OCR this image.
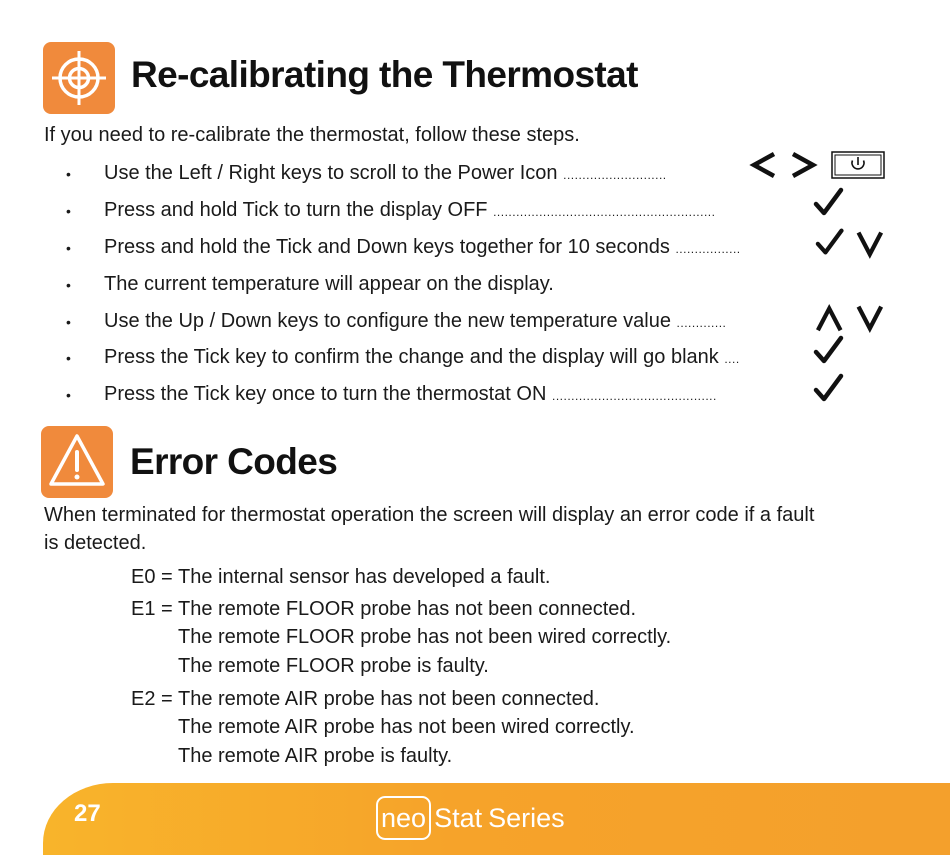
Re-calibrating the Thermostat
If you need to re-calibrate the thermostat, follow these steps.
• Use the Left / Right keys to scroll to the Power Icon ...........................
• Press and hold Tick to turn the display OFF ..........................................................
• Press and hold the Tick and Down keys together for 10 seconds .................
• The current temperature will appear on the display.
• Use the Up / Down keys to configure the new temperature value .............
• Press the Tick key to confirm the change and the display will go blank ....
• Press the Tick key once to turn the thermostat ON ...........................................
Error Codes
When terminated for thermostat operation the screen will display an error code if a fault
is detected.
E0 = The internal sensor has developed a fault.
E1 = The remote FLOOR probe has not been connected.
The remote FLOOR probe has not been wired correctly.
The remote FLOOR probe is faulty.
E2 = The remote AIR probe has not been connected.
The remote AIR probe has not been wired correctly.
The remote AIR probe is faulty.
27	neo Stat Series
